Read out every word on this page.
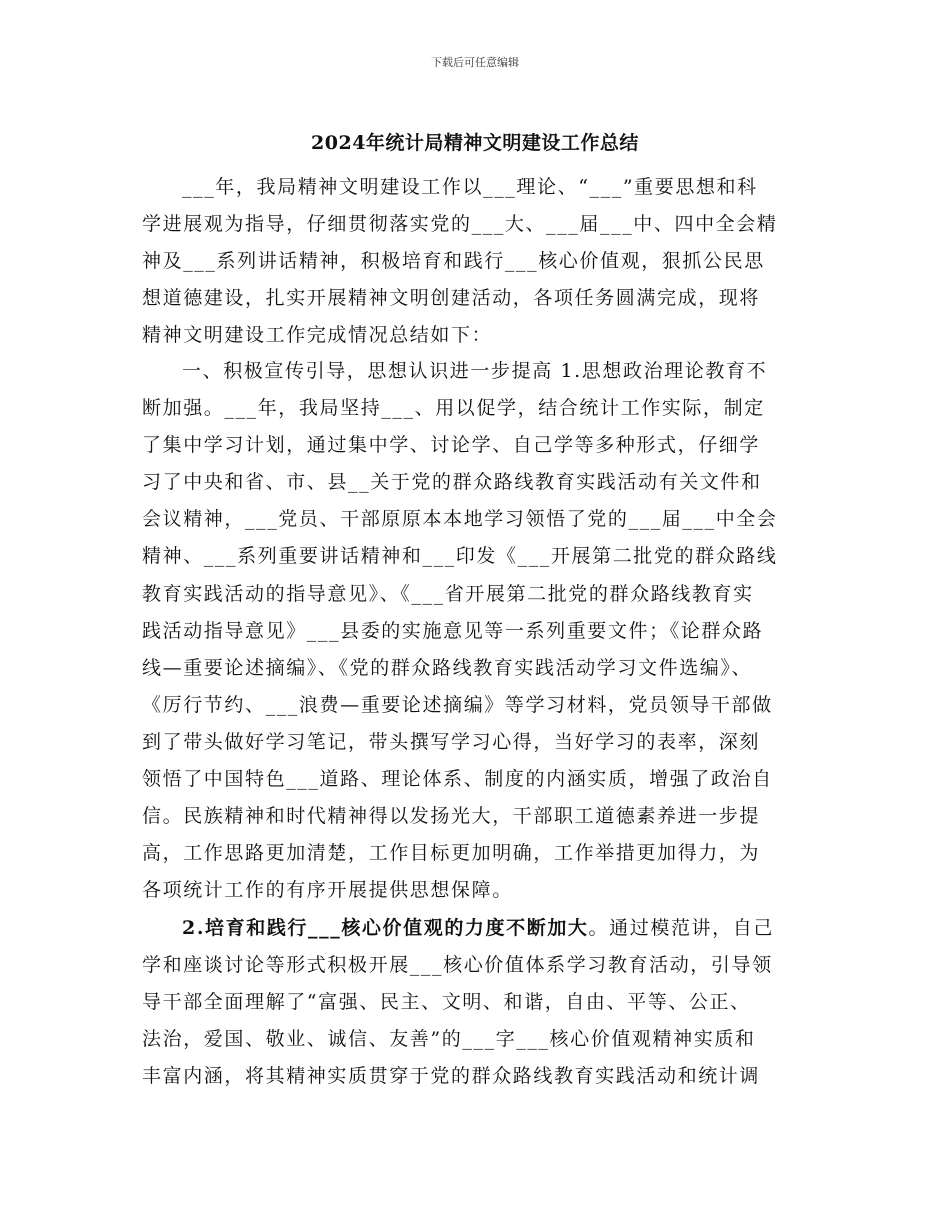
下载后可任意编辑
2024年统计局精神文明建设工作总结
___年，我局精神文明建设工作以___理论、“___”重要思想和科
学进展观为指导，仔细贯彻落实党的___大、___届___中、四中全会精
神及___系列讲话精神，积极培育和践行___核心价值观，狠抓公民思
想道德建设，扎实开展精神文明创建活动，各项任务圆满完成，现将
精神文明建设工作完成情况总结如下：
一、积极宣传引导，思想认识进一步提高 1.思想政治理论教育不
断加强。___年，我局坚持___、用以促学，结合统计工作实际，制定
了集中学习计划，通过集中学、讨论学、自己学等多种形式，仔细学
习了中央和省、市、县__关于党的群众路线教育实践活动有关文件和
会议精神，___党员、干部原原本本地学习领悟了党的___届___中全会
精神、___系列重要讲话精神和___印发《___开展第二批党的群众路线
教育实践活动的指导意见》、《___省开展第二批党的群众路线教育实
践活动指导意见》___县委的实施意见等一系列重要文件；《论群众路
线—重要论述摘编》、《党的群众路线教育实践活动学习文件选编》、
《厉行节约、___浪费—重要论述摘编》等学习材料，党员领导干部做
到了带头做好学习笔记，带头撰写学习心得，当好学习的表率，深刻
领悟了中国特色___道路、理论体系、制度的内涵实质，增强了政治自
信。民族精神和时代精神得以发扬光大，干部职工道德素养进一步提
高，工作思路更加清楚，工作目标更加明确，工作举措更加得力，为
各项统计工作的有序开展提供思想保障。
2.培育和践行___核心价值观的力度不断加大。通过模范讲，自己
学和座谈讨论等形式积极开展___核心价值体系学习教育活动，引导领
导干部全面理解了“富强、民主、文明、和谐，自由、平等、公正、
法治，爱国、敬业、诚信、友善”的___字___核心价值观精神实质和
丰富内涵，将其精神实质贯穿于党的群众路线教育实践活动和统计调
